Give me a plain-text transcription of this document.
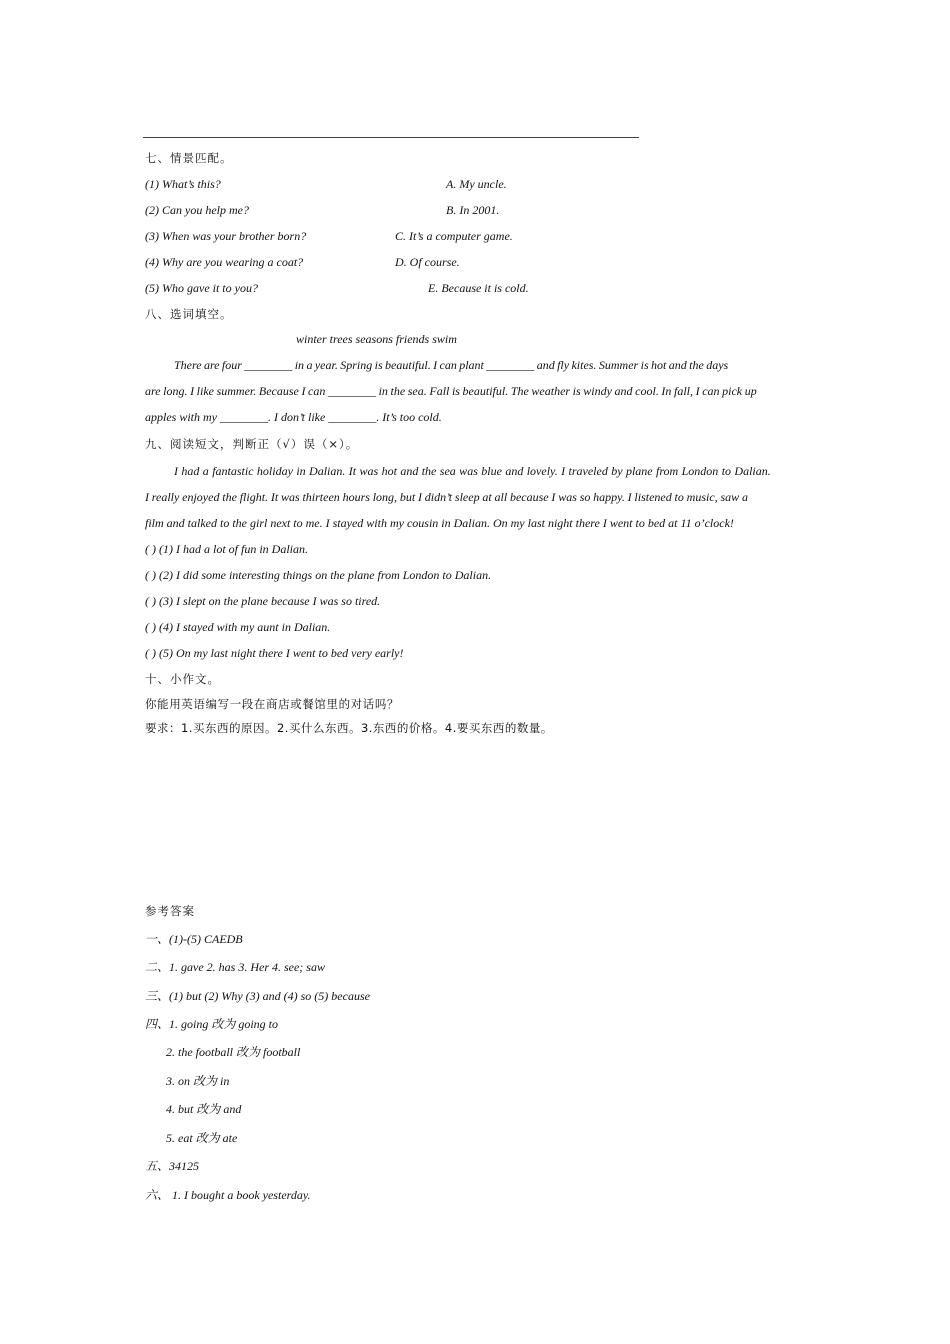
七、情景匹配。
(1) What’s this?	A. My uncle.
(2) Can you help me?	B. In 2001.
(3) When was your brother born?	C. It’s a computer game.
(4) Why are you wearing a coat?	D. Of course.
(5) Who gave it to you?	E. Because it is cold.
八、选词填空。
winter trees seasons friends swim
There are four ________ in a year. Spring is beautiful. I can plant ________ and fly kites. Summer is hot and the days
are long. I like summer. Because I can ________ in the sea. Fall is beautiful. The weather is windy and cool. In fall, I can pick up
apples with my ________. I don’t like ________. It’s too cold.
九、阅读短文，判断正（√）误（×）。
I had a fantastic holiday in Dalian. It was hot and the sea was blue and lovely. I traveled by plane from London to Dalian.
I really enjoyed the flight. It was thirteen hours long, but I didn’t sleep at all because I was so happy. I listened to music, saw a
film and talked to the girl next to me. I stayed with my cousin in Dalian. On my last night there I went to bed at 11 o’clock!
( ) (1) I had a lot of fun in Dalian.
( ) (2) I did some interesting things on the plane from London to Dalian.
( ) (3) I slept on the plane because I was so tired.
( ) (4) I stayed with my aunt in Dalian.
( ) (5) On my last night there I went to bed very early!
十、小作文。
你能用英语编写一段在商店或餐馆里的对话吗？
要求：1.买东西的原因。2.买什么东西。3.东西的价格。4.要买东西的数量。
参考答案
一、(1)-(5) CAEDB
二、1. gave 2. has 3. Her 4. see; saw
三、(1) but (2) Why (3) and (4) so (5) because
四、1. going 改为 going to
2. the football 改为 football
3. on 改为 in
4. but 改为 and
5. eat 改为 ate
五、34125
六、 1. I bought a book yesterday.
